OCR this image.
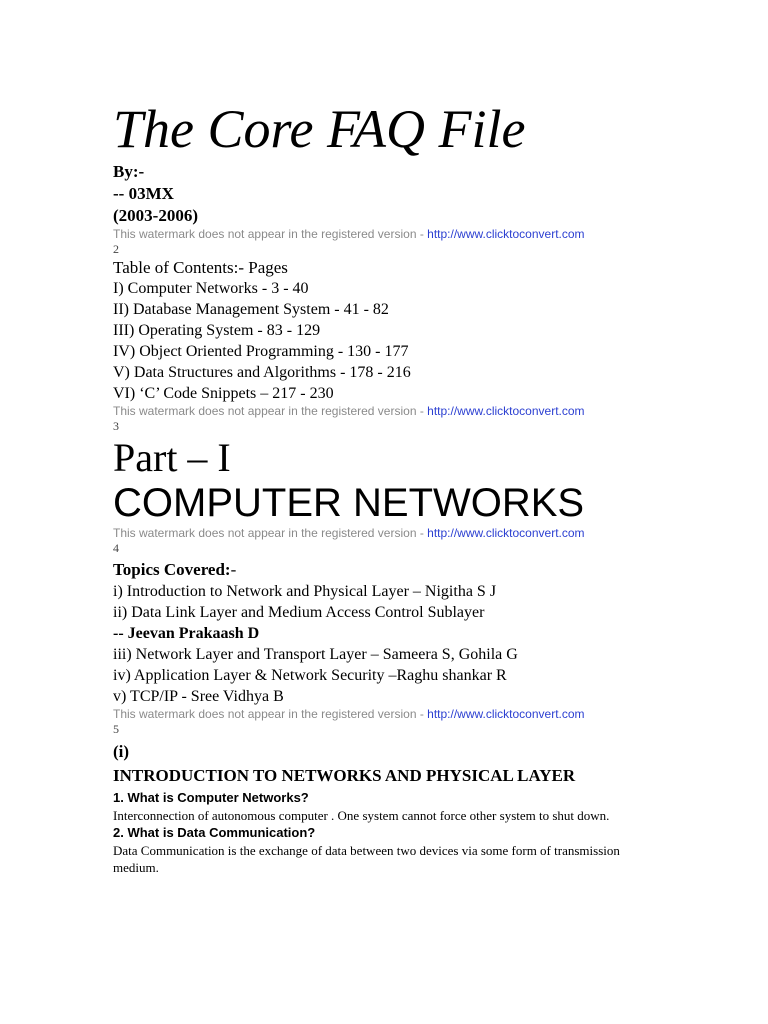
The Core FAQ File

By:-

-- 03MX

(2003-2006)

This watermark does not appear in the registered version - http://www.clicktoconvert.com

2

Table of Contents:- Pages

I) Computer Networks - 3 - 40

II) Database Management System - 41 - 82

III) Operating System - 83 - 129

IV) Object Oriented Programming - 130 - 177

V) Data Structures and Algorithms - 178 - 216

VI) ‘C’ Code Snippets – 217 - 230

This watermark does not appear in the registered version - http://www.clicktoconvert.com

3

Part – I
COMPUTER NETWORKS

This watermark does not appear in the registered version - http://www.clicktoconvert.com

4

Topics Covered:-

i) Introduction to Network and Physical Layer – Nigitha S J

ii) Data Link Layer and Medium Access Control Sublayer

-- Jeevan Prakaash D

iii) Network Layer and Transport Layer – Sameera S, Gohila G

iv) Application Layer & Network Security –Raghu shankar R

v) TCP/IP - Sree Vidhya B

This watermark does not appear in the registered version - http://www.clicktoconvert.com

5

(i)

INTRODUCTION TO NETWORKS AND PHYSICAL LAYER

1. What is Computer Networks?

Interconnection of autonomous computer . One system cannot force other system to shut down.

2. What is Data Communication?

Data Communication is the exchange of data between two devices via some form of transmission medium.
